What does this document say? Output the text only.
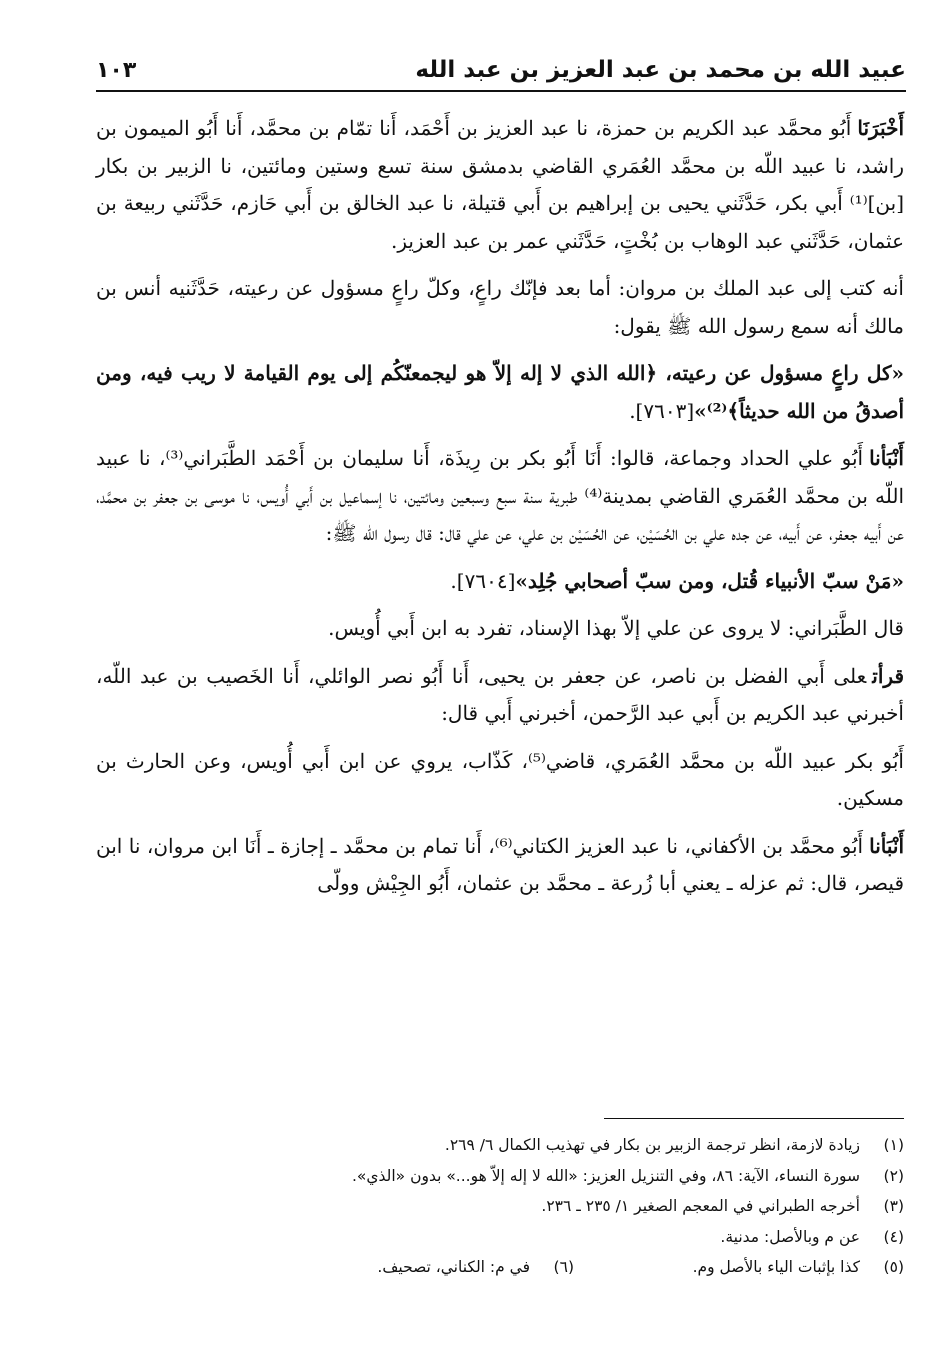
عبيد الله بن محمد بن عبد العزيز بن عبد الله
١٠٣

أَخْبَرَنَاأَبُو محمَّد عبد الكريم بن حمزة، نا عبد العزيز بن أَحْمَد، أَنا تمّام بن محمَّد، أَنا أَبُو الميمون بن راشد، نا عبيد اللّه بن محمَّد العُمَري القاضي بدمشق سنة تسع وستين ومائتين، نا الزبير بن بكار [بن]⁽¹⁾ أَبي بكر، حَدَّثَني يحيى بن إبراهيم بن أَبي قتيلة، نا عبد الخالق بن أَبي حَازم، حَدَّثَني ربيعة بن عثمان، حَدَّثَني عبد الوهاب بن بُخْتٍ، حَدَّثَني عمر بن عبد العزيز.

أنه كتب إلى عبد الملك بن مروان: أما بعد فإنّك راعٍ، وكلّ راعٍ مسؤول عن رعيته، حَدَّثَنيه أنس بن مالك أنه سمع رسول الله ﷺ يقول:

«كل راعٍ مسؤول عن رعيته، ﴿الله الذي لا إله إلاّ هو ليجمعنّكُم إلى يوم القيامة لا ريب فيه، ومن أصدقُ من الله حديثاً﴾⁽²⁾»[٧٦٠٣].

أَنْبَأناأَبُو علي الحداد وجماعة، قالوا: أَنَا أَبُو بكر بن رِيذَة، أَنا سليمان بن أَحْمَد الطَّبَراني⁽³⁾، نا عبيد اللّه بن محمَّد العُمَري القاضي بمدينة⁽⁴⁾ طبرية سنة سبع وسبعين ومائتين، نا إسماعيل بن أَبي أُويس، نا موسى بن جعفر بن محمَّد، عن أَبيه جعفر، عن أَبيه، عن جده علي بن الحُسَيْن، عن الحُسَيْن بن علي، عن علي قال: قال رسول الله ﷺ:

«مَنْ سبّ الأنبياء قُتل، ومن سبّ أصحابي جُلِد»[٧٦٠٤].

قال الطَّبَراني: لا يروى عن علي إلاّ بهذا الإسناد، تفرد به ابن أَبي أُويس.

قرأتعلى أَبي الفضل بن ناصر، عن جعفر بن يحيى، أَنا أَبُو نصر الوائلي، أَنا الخَصيب بن عبد اللّه، أخبرني عبد الكريم بن أَبي عبد الرَّحمن، أخبرني أَبي قال:

أَبُو بكر عبيد اللّه بن محمَّد العُمَري، قاضي⁽⁵⁾، كَذّاب، يروي عن ابن أَبي أُويس، وعن الحارث بن مسكين.

أَنْبَأناأَبُو محمَّد بن الأكفاني، نا عبد العزيز الكتاني⁽⁶⁾، أَنا تمام بن محمَّد ـ إجازة ـ أَنَا ابن مروان، نا ابن قيصر، قال: ثم عزله ـ يعني أبا زُرعة ـ محمَّد بن عثمان، أَبُو الجِيْش وولّى

(١)زيادة لازمة، انظر ترجمة الزبير بن بكار في تهذيب الكمال ٦/ ٢٦٩.
(٢)سورة النساء، الآية: ٨٦، وفي التنزيل العزيز: «الله لا إله إلاّ هو...» بدون «الذي».
(٣)أخرجه الطبراني في المعجم الصغير ١/ ٢٣٥ ـ ٢٣٦.
(٤)عن م وبالأصل: مدنية.
(٥)كذا بإثبات الياء بالأصل وم.
(٦)في م: الكناني، تصحيف.
